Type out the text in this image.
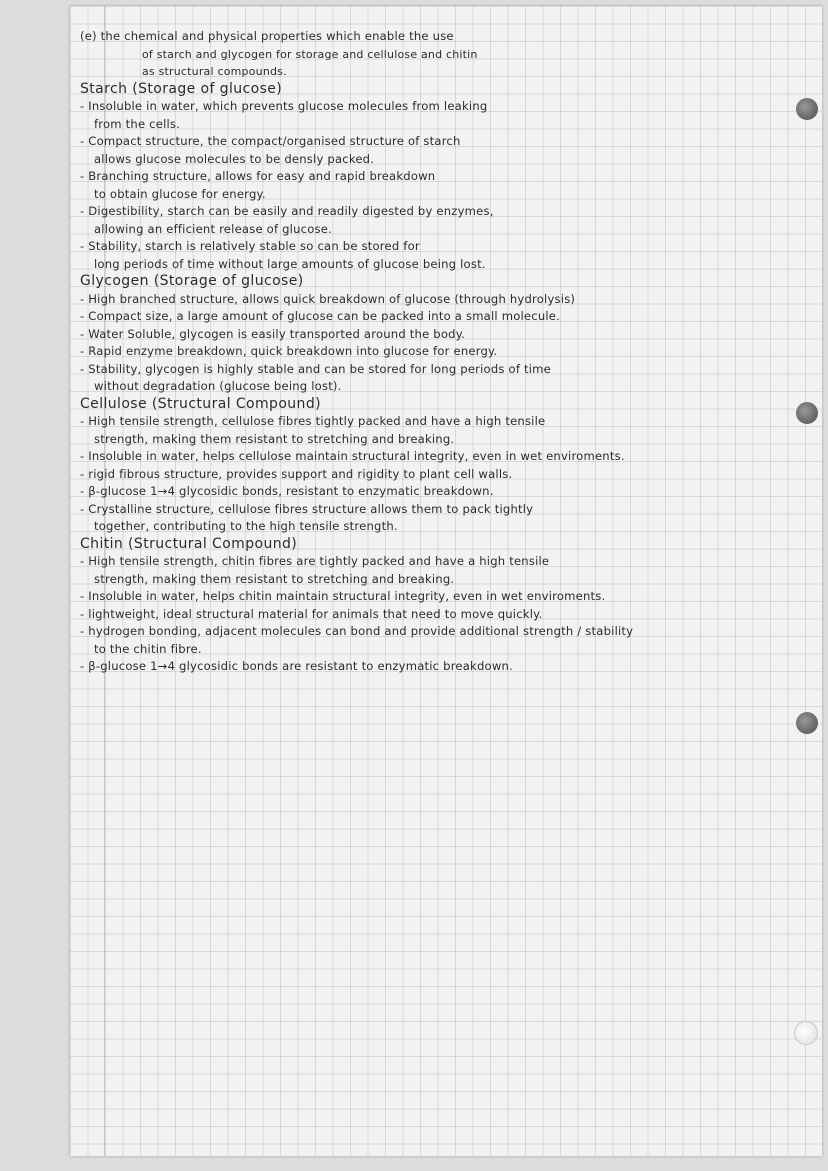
(e) the chemical and physical properties which enable the use
of starch and glycogen for storage and cellulose and chitin
as structural compounds.
Starch (Storage of glucose)
- Insoluble in water, which prevents glucose molecules from leaking
from the cells.
- Compact structure, the compact/organised structure of starch
allows glucose molecules to be densly packed.
- Branching structure, allows for easy and rapid breakdown
to obtain glucose for energy.
- Digestibility, starch can be easily and readily digested by enzymes,
allowing an efficient release of glucose.
- Stability, starch is relatively stable so can be stored for
long periods of time without large amounts of glucose being lost.
Glycogen (Storage of glucose)
- High branched structure, allows quick breakdown of glucose (through hydrolysis)
- Compact size, a large amount of glucose can be packed into a small molecule.
- Water Soluble, glycogen is easily transported around the body.
- Rapid enzyme breakdown, quick breakdown into glucose for energy.
- Stability, glycogen is highly stable and can be stored for long periods of time
without degradation (glucose being lost).
Cellulose (Structural Compound)
- High tensile strength, cellulose fibres tightly packed and have a high tensile
strength, making them resistant to stretching and breaking.
- Insoluble in water, helps cellulose maintain structural integrity, even in wet enviroments.
- rigid fibrous structure, provides support and rigidity to plant cell walls.
- β-glucose 1→4 glycosidic bonds, resistant to enzymatic breakdown.
- Crystalline structure, cellulose fibres structure allows them to pack tightly
together, contributing to the high tensile strength.
Chitin (Structural Compound)
- High tensile strength, chitin fibres are tightly packed and have a high tensile
strength, making them resistant to stretching and breaking.
- Insoluble in water, helps chitin maintain structural integrity, even in wet enviroments.
- lightweight, ideal structural material for animals that need to move quickly.
- hydrogen bonding, adjacent molecules can bond and provide additional strength / stability
to the chitin fibre.
- β-glucose 1→4 glycosidic bonds are resistant to enzymatic breakdown.
